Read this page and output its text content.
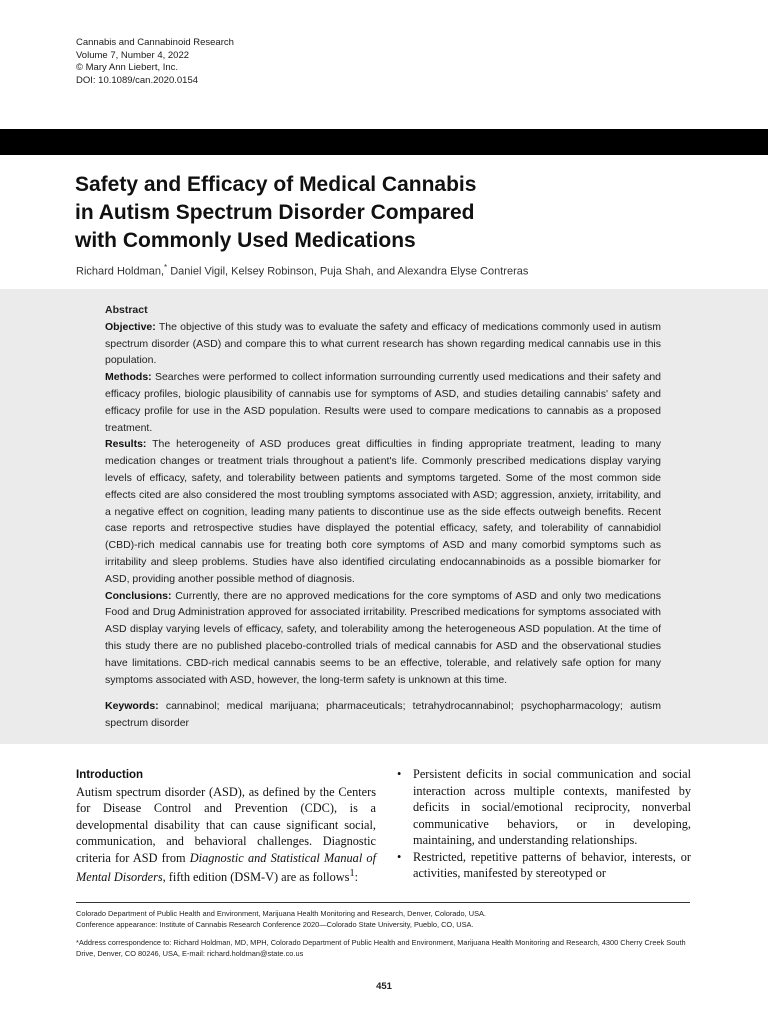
Cannabis and Cannabinoid Research
Volume 7, Number 4, 2022
© Mary Ann Liebert, Inc.
DOI: 10.1089/can.2020.0154
Safety and Efficacy of Medical Cannabis
in Autism Spectrum Disorder Compared
with Commonly Used Medications
Richard Holdman,* Daniel Vigil, Kelsey Robinson, Puja Shah, and Alexandra Elyse Contreras
Abstract

Objective: The objective of this study was to evaluate the safety and efficacy of medications commonly used in autism spectrum disorder (ASD) and compare this to what current research has shown regarding medical cannabis use in this population.

Methods: Searches were performed to collect information surrounding currently used medications and their safety and efficacy profiles, biologic plausibility of cannabis use for symptoms of ASD, and studies detailing cannabis' safety and efficacy profile for use in the ASD population. Results were used to compare medications to cannabis as a proposed treatment.

Results: The heterogeneity of ASD produces great difficulties in finding appropriate treatment, leading to many medication changes or treatment trials throughout a patient's life. Commonly prescribed medications display varying levels of efficacy, safety, and tolerability between patients and symptoms targeted. Some of the most common side effects cited are also considered the most troubling symptoms associated with ASD; aggression, anxiety, irritability, and a negative effect on cognition, leading many patients to discontinue use as the side effects outweigh benefits. Recent case reports and retrospective studies have displayed the potential efficacy, safety, and tolerability of cannabidiol (CBD)-rich medical cannabis use for treating both core symptoms of ASD and many comorbid symptoms such as irritability and sleep problems. Studies have also identified circulating endocannabinoids as a possible biomarker for ASD, providing another possible method of diagnosis.

Conclusions: Currently, there are no approved medications for the core symptoms of ASD and only two medications Food and Drug Administration approved for associated irritability. Prescribed medications for symptoms associated with ASD display varying levels of efficacy, safety, and tolerability among the heterogeneous ASD population. At the time of this study there are no published placebo-controlled trials of medical cannabis for ASD and the observational studies have limitations. CBD-rich medical cannabis seems to be an effective, tolerable, and relatively safe option for many symptoms associated with ASD, however, the long-term safety is unknown at this time.

Keywords: cannabinol; medical marijuana; pharmaceuticals; tetrahydrocannabinol; psychopharmacology; autism spectrum disorder

Introduction

Autism spectrum disorder (ASD), as defined by the Centers for Disease Control and Prevention (CDC), is a developmental disability that can cause significant social, communication, and behavioral challenges. Diagnostic criteria for ASD from Diagnostic and Statistical Manual of Mental Disorders, fifth edition (DSM-V) are as follows$^1$:

• Persistent deficits in social communication and social interaction across multiple contexts, manifested by deficits in social/emotional reciprocity, nonverbal communicative behaviors, or in developing, maintaining, and understanding relationships.
• Restricted, repetitive patterns of behavior, interests, or activities, manifested by stereotyped or

Colorado Department of Public Health and Environment, Marijuana Health Monitoring and Research, Denver, Colorado, USA.

Conference appearance: Institute of Cannabis Research Conference 2020—Colorado State University, Pueblo, CO, USA.

*Address correspondence to: Richard Holdman, MD, MPH, Colorado Department of Public Health and Environment, Marijuana Health Monitoring and Research, 4300 Cherry Creek South Drive, Denver, CO 80246, USA, E-mail: richard.holdman@state.co.us

451
